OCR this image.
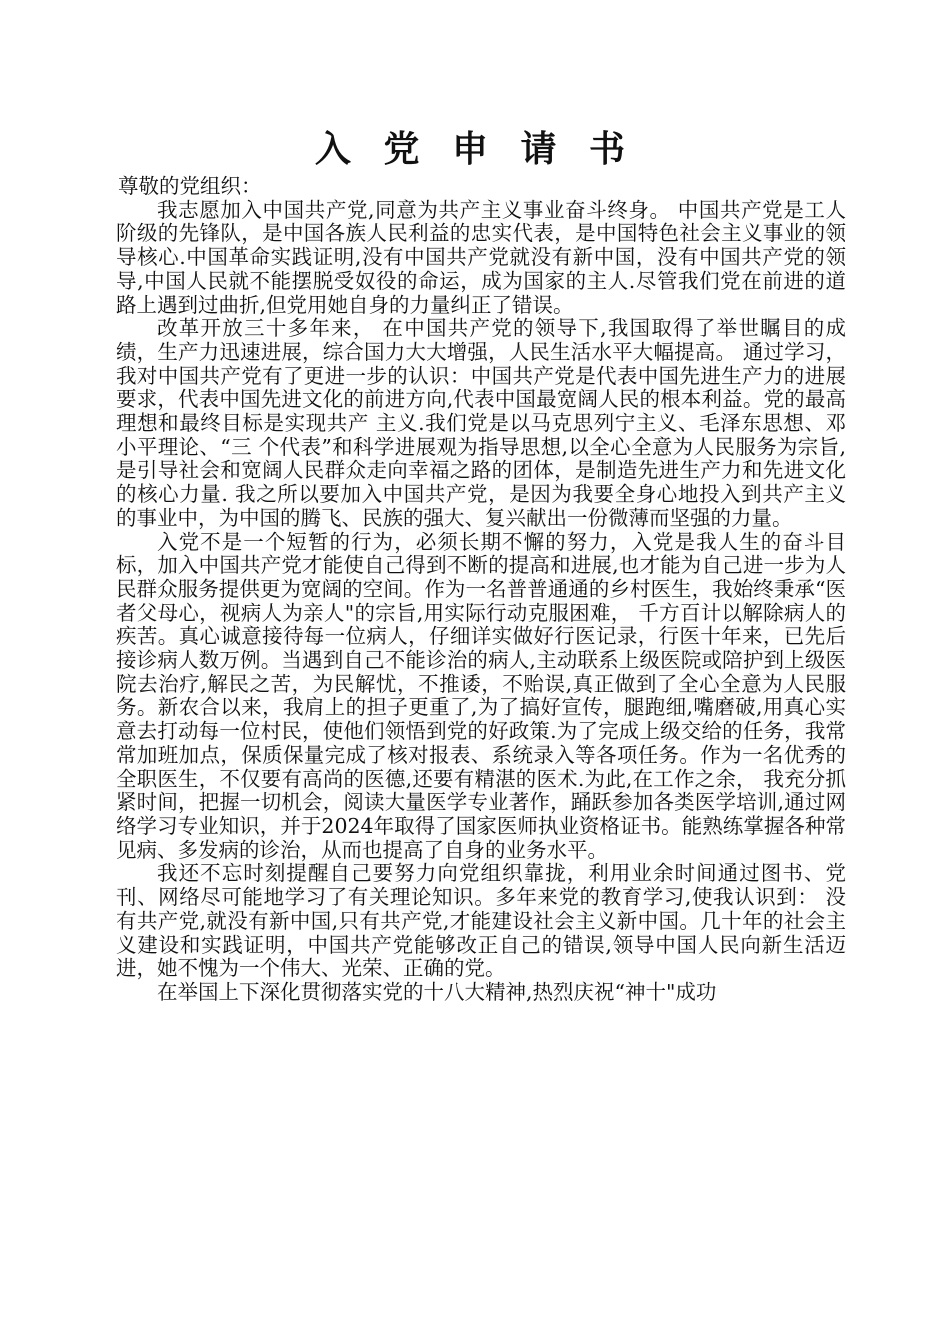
入 党 申 请 书

尊敬的党组织：

我志愿加入中国共产党,同意为共产主义事业奋斗终身。 中国共产党是工人阶级的先锋队，是中国各族人民利益的忠实代表，是中国特色社会主义事业的领导核心.中国革命实践证明,没有中国共产党就没有新中国，没有中国共产党的领导,中国人民就不能摆脱受奴役的命运，成为国家的主人.尽管我们党在前进的道路上遇到过曲折,但党用她自身的力量纠正了错误。

改革开放三十多年来， 在中国共产党的领导下,我国取得了举世瞩目的成绩，生产力迅速进展，综合国力大大增强，人民生活水平大幅提高。 通过学习，我对中国共产党有了更进一步的认识：中国共产党是代表中国先进生产力的进展要求，代表中国先进文化的前进方向,代表中国最宽阔人民的根本利益。党的最高理想和最终目标是实现共产 主义.我们党是以马克思列宁主义、毛泽东思想、邓小平理论、“三 个代表”和科学进展观为指导思想,以全心全意为人民服务为宗旨,是引导社会和宽阔人民群众走向幸福之路的团体，是制造先进生产力和先进文化的核心力量. 我之所以要加入中国共产党，是因为我要全身心地投入到共产主义的事业中，为中国的腾飞、民族的强大、复兴献出一份微薄而坚强的力量。

入党不是一个短暂的行为，必须长期不懈的努力，入党是我人生的奋斗目标，加入中国共产党才能使自己得到不断的提高和进展,也才能为自己进一步为人民群众服务提供更为宽阔的空间。作为一名普普通通的乡村医生，我始终秉承“医者父母心，视病人为亲人"的宗旨,用实际行动克服困难， 千方百计以解除病人的疾苦。真心诚意接待每一位病人，仔细详实做好行医记录，行医十年来，已先后接诊病人数万例。当遇到自己不能诊治的病人,主动联系上级医院或陪护到上级医院去治疗,解民之苦，为民解忧，不推诿，不贻误,真正做到了全心全意为人民服务。新农合以来，我肩上的担子更重了,为了搞好宣传，腿跑细,嘴磨破,用真心实意去打动每一位村民，使他们领悟到党的好政策.为了完成上级交给的任务，我常常加班加点，保质保量完成了核对报表、系统录入等各项任务。作为一名优秀的全职医生，不仅要有高尚的医德,还要有精湛的医术.为此,在工作之余， 我充分抓紧时间，把握一切机会，阅读大量医学专业著作，踊跃参加各类医学培训,通过网络学习专业知识，并于2024年取得了国家医师执业资格证书。能熟练掌握各种常见病、多发病的诊治，从而也提高了自身的业务水平。

我还不忘时刻提醒自己要努力向党组织靠拢，利用业余时间通过图书、党刊、网络尽可能地学习了有关理论知识。多年来党的教育学习,使我认识到： 没有共产党,就没有新中国,只有共产党,才能建设社会主义新中国。几十年的社会主义建设和实践证明，中国共产党能够改正自己的错误,领导中国人民向新生活迈进，她不愧为一个伟大、光荣、正确的党。

在举国上下深化贯彻落实党的十八大精神,热烈庆祝“神十"成功
